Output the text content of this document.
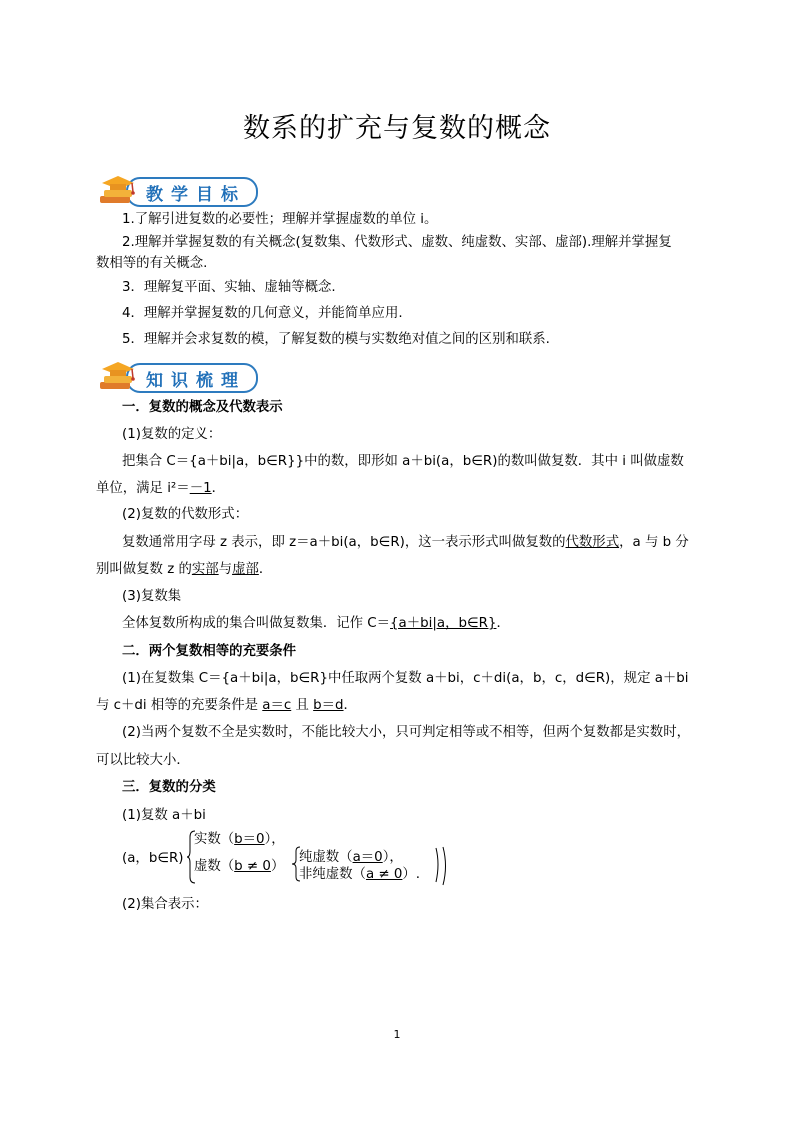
数系的扩充与复数的概念
教学目标
1.了解引进复数的必要性；理解并掌握虚数的单位 i。
2.理解并掌握复数的有关概念(复数集、代数形式、虚数、纯虚数、实部、虚部).理解并掌握复
数相等的有关概念.
3．理解复平面、实轴、虚轴等概念.
4．理解并掌握复数的几何意义，并能简单应用.
5．理解并会求复数的模，了解复数的模与实数绝对值之间的区别和联系.
知识梳理
一．复数的概念及代数表示
(1)复数的定义：
把集合 C＝{a＋bi|a，b∈R}}中的数，即形如 a＋bi(a，b∈R)的数叫做复数．其中 i 叫做虚数
单位，满足 i²＝－1．
(2)复数的代数形式：
复数通常用字母 z 表示，即 z＝a＋bi(a，b∈R)，这一表示形式叫做复数的代数形式，a 与 b 分
别叫做复数 z 的实部与虚部．
(3)复数集
全体复数所构成的集合叫做复数集．记作 C＝{a＋bi|a，b∈R}．
二．两个复数相等的充要条件
(1)在复数集 C＝{a＋bi|a，b∈R}中任取两个复数 a＋bi，c＋di(a，b，c，d∈R)，规定 a＋bi
与 c＋di 相等的充要条件是 a＝c 且 b＝d．
(2)当两个复数不全是实数时，不能比较大小，只可判定相等或不相等，但两个复数都是实数时，
可以比较大小．
三．复数的分类
(1)复数 a＋bi
(a，b∈R)
实数（b＝0），
虚数（b ≠ 0）
纯虚数（a＝0），
非纯虚数（a ≠ 0）.
(2)集合表示：
1
